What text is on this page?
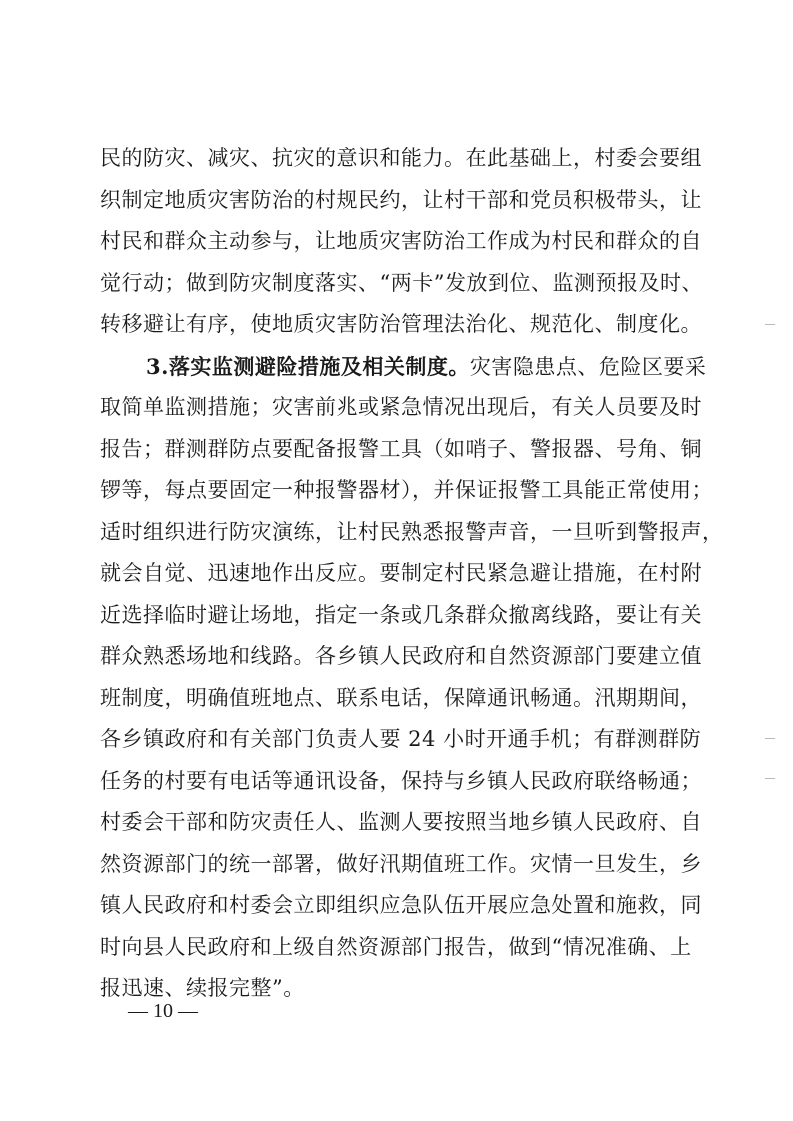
民的防灾、减灾、抗灾的意识和能力。在此基础上，村委会要组
织制定地质灾害防治的村规民约，让村干部和党员积极带头，让
村民和群众主动参与，让地质灾害防治工作成为村民和群众的自
觉行动；做到防灾制度落实、“两卡”发放到位、监测预报及时、
转移避让有序，使地质灾害防治管理法治化、规范化、制度化。
3.落实监测避险措施及相关制度。灾害隐患点、危险区要采
取简单监测措施；灾害前兆或紧急情况出现后，有关人员要及时
报告；群测群防点要配备报警工具（如哨子、警报器、号角、铜
锣等，每点要固定一种报警器材），并保证报警工具能正常使用；
适时组织进行防灾演练，让村民熟悉报警声音，一旦听到警报声，
就会自觉、迅速地作出反应。要制定村民紧急避让措施，在村附
近选择临时避让场地，指定一条或几条群众撤离线路，要让有关
群众熟悉场地和线路。各乡镇人民政府和自然资源部门要建立值
班制度，明确值班地点、联系电话，保障通讯畅通。汛期期间，
各乡镇政府和有关部门负责人要 24 小时开通手机；有群测群防
任务的村要有电话等通讯设备，保持与乡镇人民政府联络畅通；
村委会干部和防灾责任人、监测人要按照当地乡镇人民政府、自
然资源部门的统一部署，做好汛期值班工作。灾情一旦发生，乡
镇人民政府和村委会立即组织应急队伍开展应急处置和施救，同
时向县人民政府和上级自然资源部门报告，做到“情况准确、上
报迅速、续报完整”。
— 10 —
